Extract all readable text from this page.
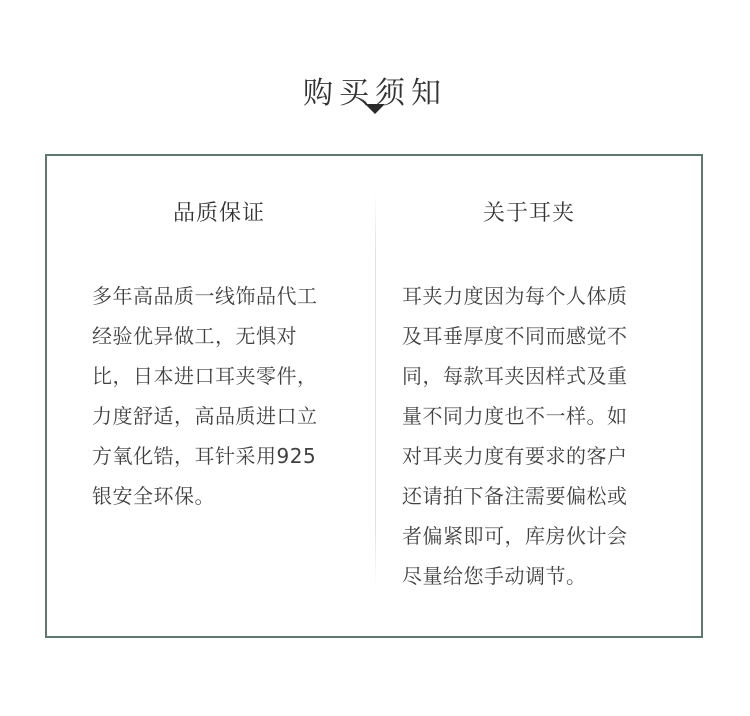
购买须知
品质保证
多年高品质一线饰品代工
经验优异做工，无惧对
比，日本进口耳夹零件，
力度舒适，高品质进口立
方氧化锆，耳针采用925
银安全环保。
关于耳夹
耳夹力度因为每个人体质
及耳垂厚度不同而感觉不
同，每款耳夹因样式及重
量不同力度也不一样。如
对耳夹力度有要求的客户
还请拍下备注需要偏松或
者偏紧即可，库房伙计会
尽量给您手动调节。
